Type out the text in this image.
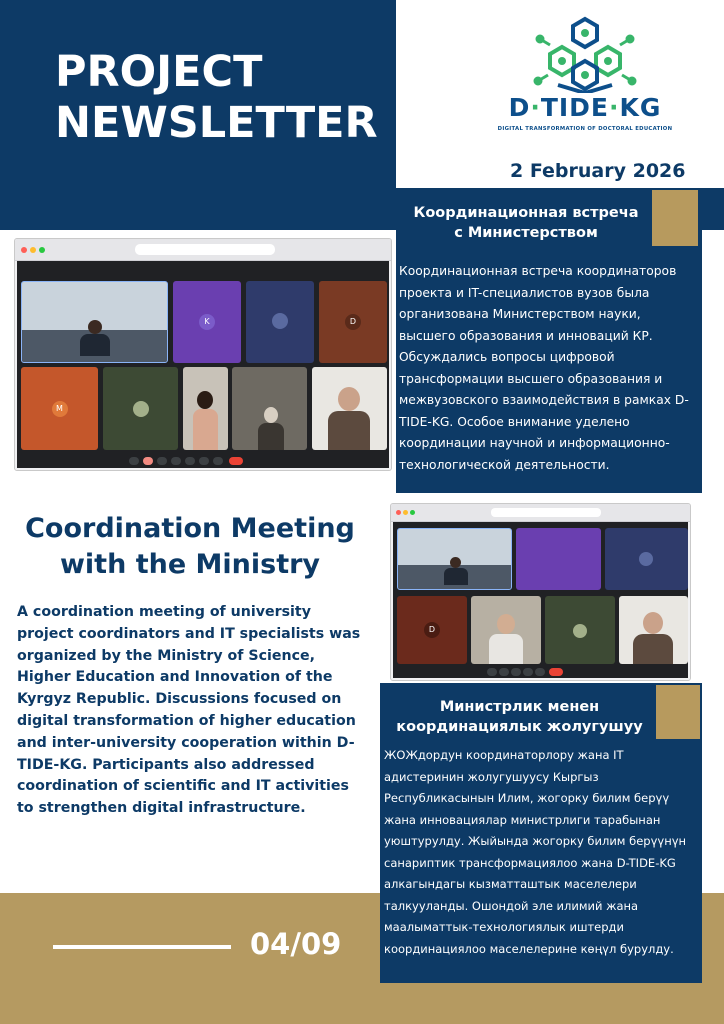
PROJECT
NEWSLETTER	D·TIDE·KG
DIGITAL TRANSFORMATION OF DOCTORAL EDUCATION
2 February 2026
Координационная встреча
с Министерством

Координационная встреча координаторов проекта и IT-специалистов вузов была организована Министерством науки, высшего образования и инноваций КР. Обсуждались вопросы цифровой трансформации высшего образования и межвузовского взаимодействия в рамках D-TIDE-KG. Особое внимание уделено координации научной и информационно-технологической деятельности.

K	D
M
Coordination Meeting
with the Ministry

A coordination meeting of university project coordinators and IT specialists was organized by the Ministry of Science, Higher Education and Innovation of the Kyrgyz Republic. Discussions focused on digital transformation of higher education and inter-university cooperation within D-TIDE-KG. Participants also addressed coordination of scientific and IT activities to strengthen digital infrastructure.

D
04/09
Министрлик менен
координациялык жолугушуу

ЖОЖдордун координаторлору жана IT адистеринин жолугушуусу Кыргыз Республикасынын Илим, жогорку билим берүү жана инновациялар министрлиги тарабынан уюштурулду. Жыйында жогорку билим берүүнүн санариптик трансформациялоо жана D-TIDE-KG алкагындагы кызматташтык маселелери талкууланды. Ошондой эле илимий жана маалыматтык-технологиялык иштерди координациялоо маселелерине көңүл бурулду.
